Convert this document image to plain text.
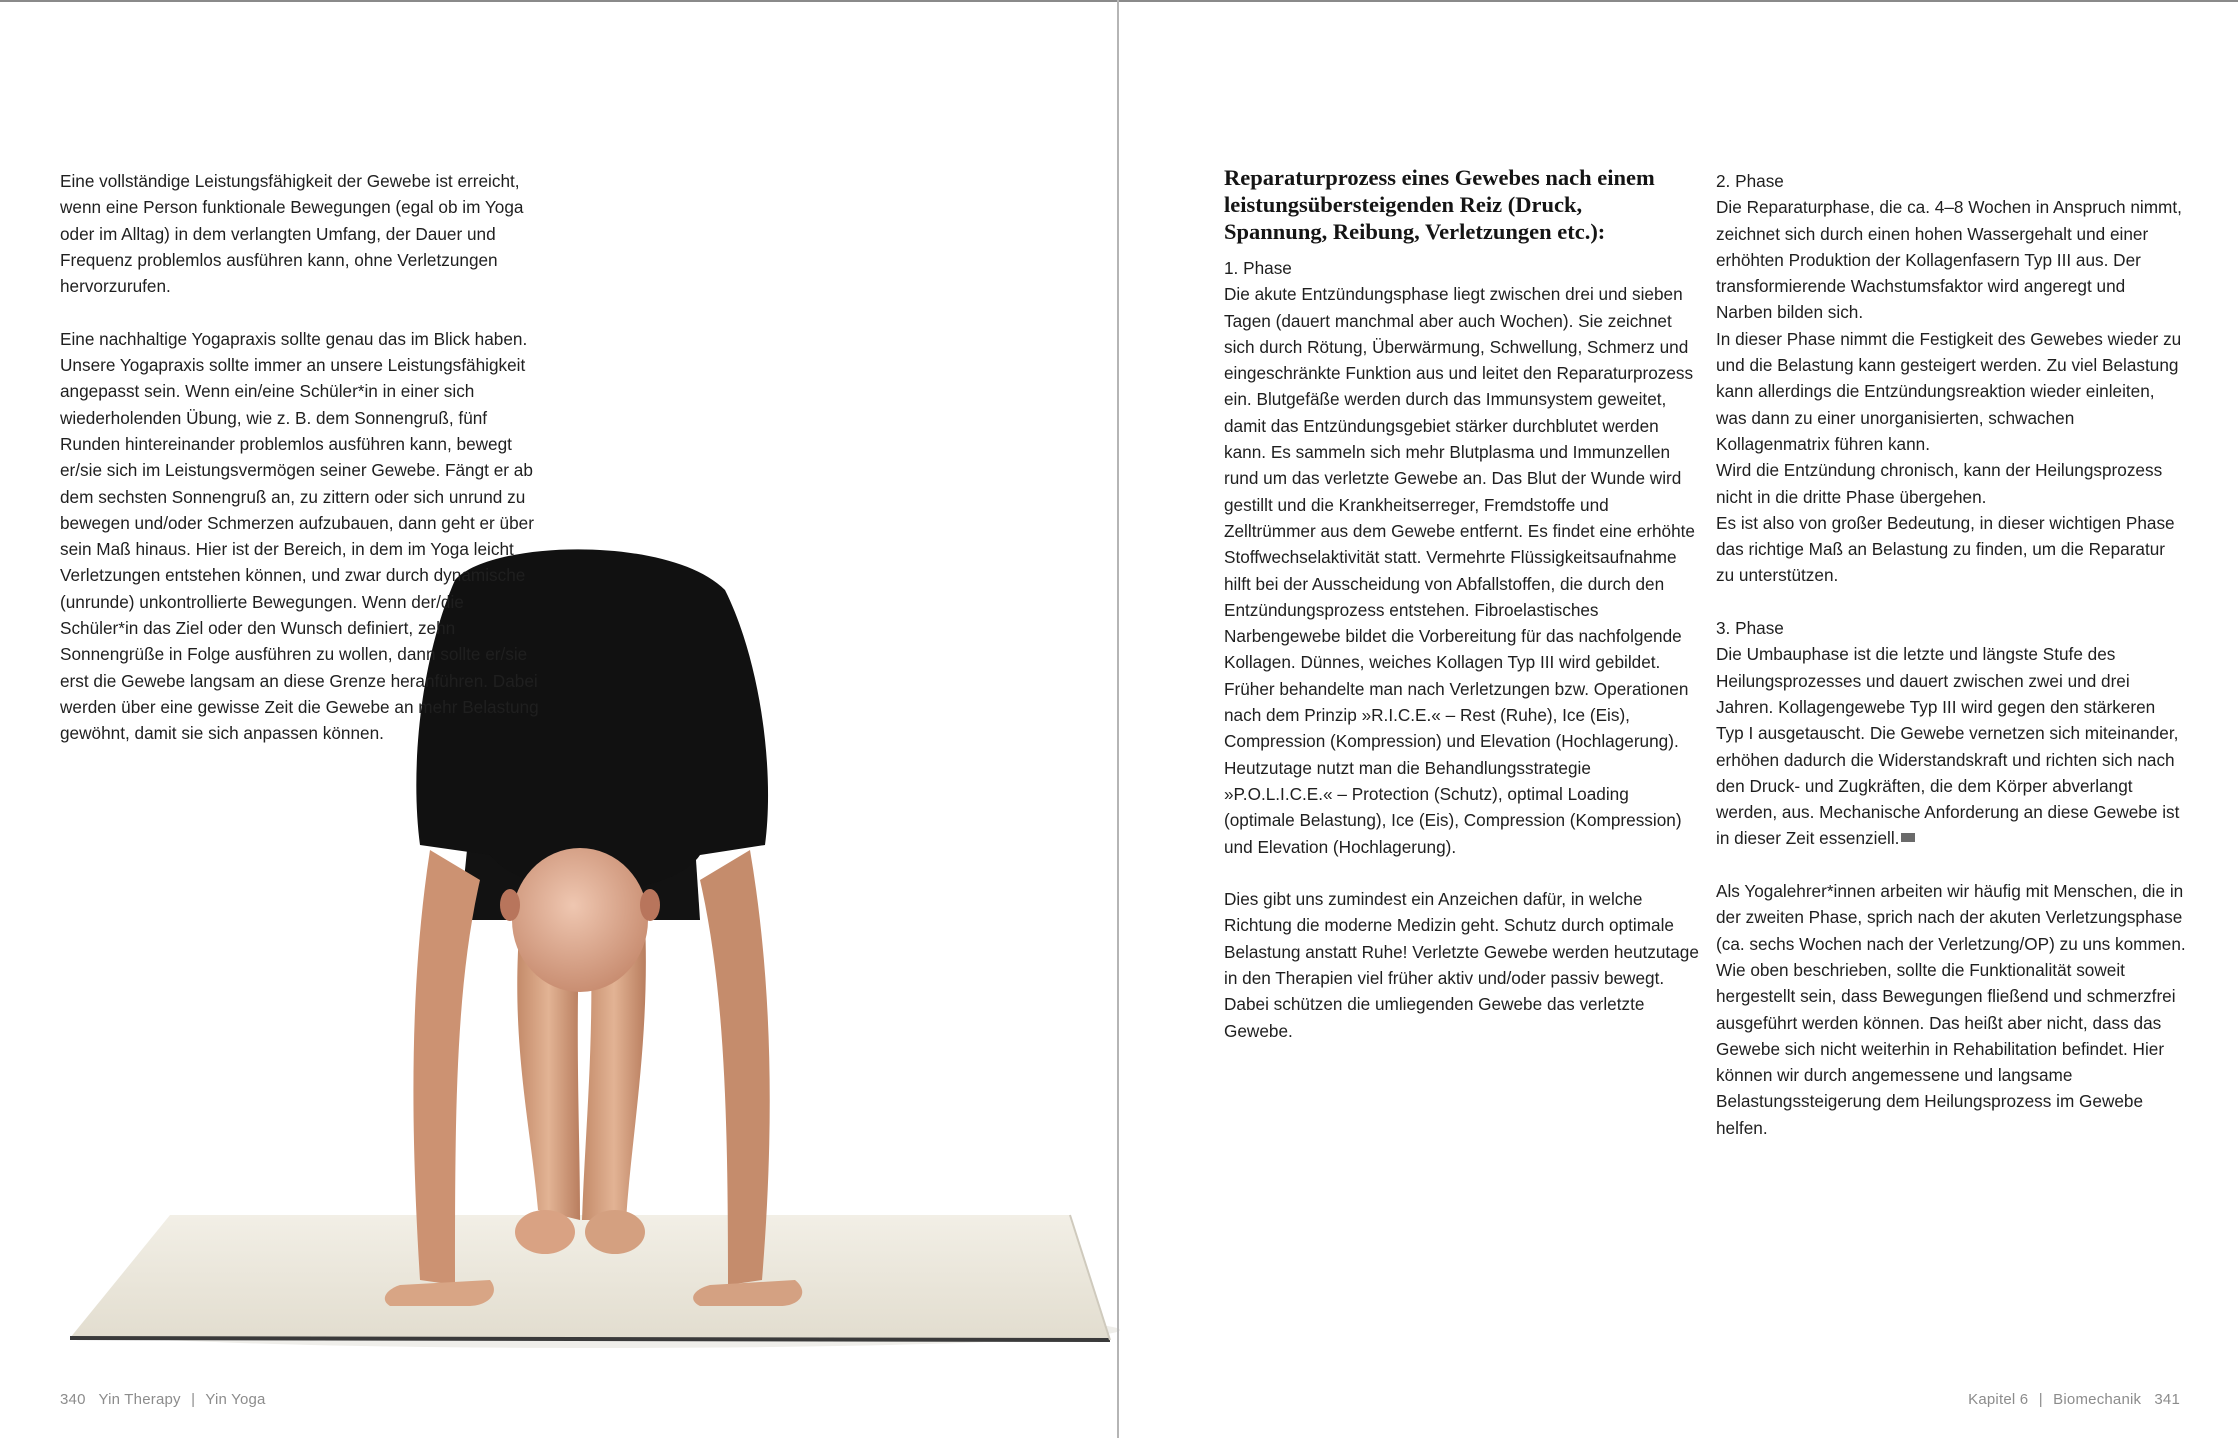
Eine vollständige Leistungsfähigkeit der Gewebe ist erreicht, wenn eine Person funktionale Bewegungen (egal ob im Yoga oder im Alltag) in dem verlangten Umfang, der Dauer und Frequenz problemlos ausführen kann, ohne Verletzungen hervorzurufen.

Eine nachhaltige Yogapraxis sollte genau das im Blick haben. Unsere Yogapraxis sollte immer an unsere Leistungsfähigkeit angepasst sein. Wenn ein/eine Schüler*in in einer sich wiederholenden Übung, wie z. B. dem Sonnengruß, fünf Runden hintereinander problemlos ausführen kann, bewegt er/sie sich im Leistungsvermögen seiner Gewebe. Fängt er ab dem sechsten Sonnengruß an, zu zittern oder sich unrund zu bewegen und/oder Schmerzen aufzubauen, dann geht er über sein Maß hinaus. Hier ist der Bereich, in dem im Yoga leicht Verletzungen entstehen können, und zwar durch dynamische (unrunde) unkontrollierte Bewegungen. Wenn der/die Schüler*in das Ziel oder den Wunsch definiert, zehn Sonnengrüße in Folge ausführen zu wollen, dann sollte er/sie erst die Gewebe langsam an diese Grenze heranführen. Dabei werden über eine gewisse Zeit die Gewebe an mehr Belastung gewöhnt, damit sie sich anpassen können.

Reparaturprozess eines Gewebes nach einem leistungsübersteigenden Reiz (Druck, Spannung, Reibung, Verletzungen etc.):

1. Phase

Die akute Entzündungsphase liegt zwischen drei und sieben Tagen (dauert manchmal aber auch Wochen). Sie zeichnet sich durch Rötung, Überwärmung, Schwellung, Schmerz und eingeschränkte Funktion aus und leitet den Reparaturprozess ein. Blutgefäße werden durch das Immunsystem geweitet, damit das Entzündungsgebiet stärker durchblutet werden kann. Es sammeln sich mehr Blutplasma und Immunzellen rund um das verletzte Gewebe an. Das Blut der Wunde wird gestillt und die Krankheitserreger, Fremdstoffe und Zelltrümmer aus dem Gewebe entfernt. Es findet eine erhöhte Stoffwechselaktivität statt. Vermehrte Flüssigkeitsaufnahme hilft bei der Ausscheidung von Abfallstoffen, die durch den Entzündungsprozess entstehen. Fibroelastisches Narbengewebe bildet die Vorbereitung für das nachfolgende Kollagen. Dünnes, weiches Kollagen Typ III wird gebildet.

Früher behandelte man nach Verletzungen bzw. Operationen nach dem Prinzip »R.I.C.E.« – Rest (Ruhe), Ice (Eis), Compression (Kompression) und Elevation (Hochlagerung). Heutzutage nutzt man die Behandlungsstrategie »P.O.L.I.C.E.« – Protection (Schutz), optimal Loading (optimale Belastung), Ice (Eis), Compression (Kompression) und Elevation (Hochlagerung).

Dies gibt uns zumindest ein Anzeichen dafür, in welche Richtung die moderne Medizin geht. Schutz durch optimale Belastung anstatt Ruhe! Verletzte Gewebe werden heutzutage in den Therapien viel früher aktiv und/oder passiv bewegt. Dabei schützen die umliegenden Gewebe das verletzte Gewebe.

2. Phase

Die Reparaturphase, die ca. 4–8 Wochen in Anspruch nimmt, zeichnet sich durch einen hohen Wassergehalt und einer erhöhten Produktion der Kollagenfasern Typ III aus. Der transformierende Wachstumsfaktor wird angeregt und Narben bilden sich.

In dieser Phase nimmt die Festigkeit des Gewebes wieder zu und die Belastung kann gesteigert werden. Zu viel Belastung kann allerdings die Entzündungsreaktion wieder einleiten, was dann zu einer unorganisierten, schwachen Kollagenmatrix führen kann.

Wird die Entzündung chronisch, kann der Heilungsprozess nicht in die dritte Phase übergehen.

Es ist also von großer Bedeutung, in dieser wichtigen Phase das richtige Maß an Belastung zu finden, um die Reparatur zu unterstützen.

3. Phase

Die Umbauphase ist die letzte und längste Stufe des Heilungsprozesses und dauert zwischen zwei und drei Jahren. Kollagengewebe Typ III wird gegen den stärkeren Typ I ausgetauscht. Die Gewebe vernetzen sich miteinander, erhöhen dadurch die Widerstandskraft und richten sich nach den Druck- und Zugkräften, die dem Körper abverlangt werden, aus. Mechanische Anforderung an diese Gewebe ist in dieser Zeit essenziell.

Als Yogalehrer*innen arbeiten wir häufig mit Menschen, die in der zweiten Phase, sprich nach der akuten Verletzungsphase (ca. sechs Wochen nach der Verletzung/OP) zu uns kommen. Wie oben beschrieben, sollte die Funktionalität soweit hergestellt sein, dass Bewegungen fließend und schmerzfrei ausgeführt werden können. Das heißt aber nicht, dass das Gewebe sich nicht weiterhin in Rehabilitation befindet. Hier können wir durch angemessene und langsame Belastungssteigerung dem Heilungsprozess im Gewebe helfen.

340 Yin Therapy | Yin Yoga	Kapitel 6 | Biomechanik 341
